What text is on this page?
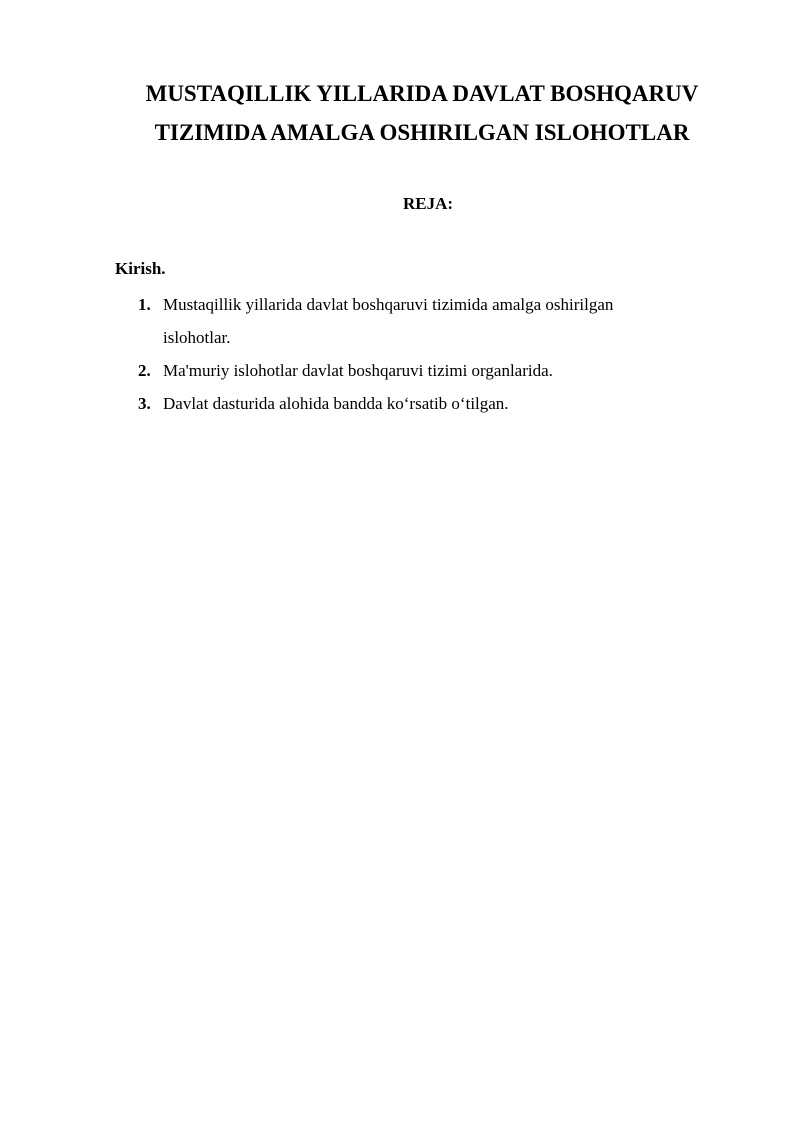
MUSTAQILLIK YILLARIDA DAVLAT BOSHQARUV
TIZIMIDA AMALGA OSHIRILGAN ISLOHOTLAR

REJA:

Kirish.

1. Mustaqillik yillarida davlat boshqaruvi tizimida amalga oshirilgan islohotlar.
2. Ma'muriy islohotlar davlat boshqaruvi tizimi organlarida.
3. Davlat dasturida alohida bandda ko‘rsatib o‘tilgan.
